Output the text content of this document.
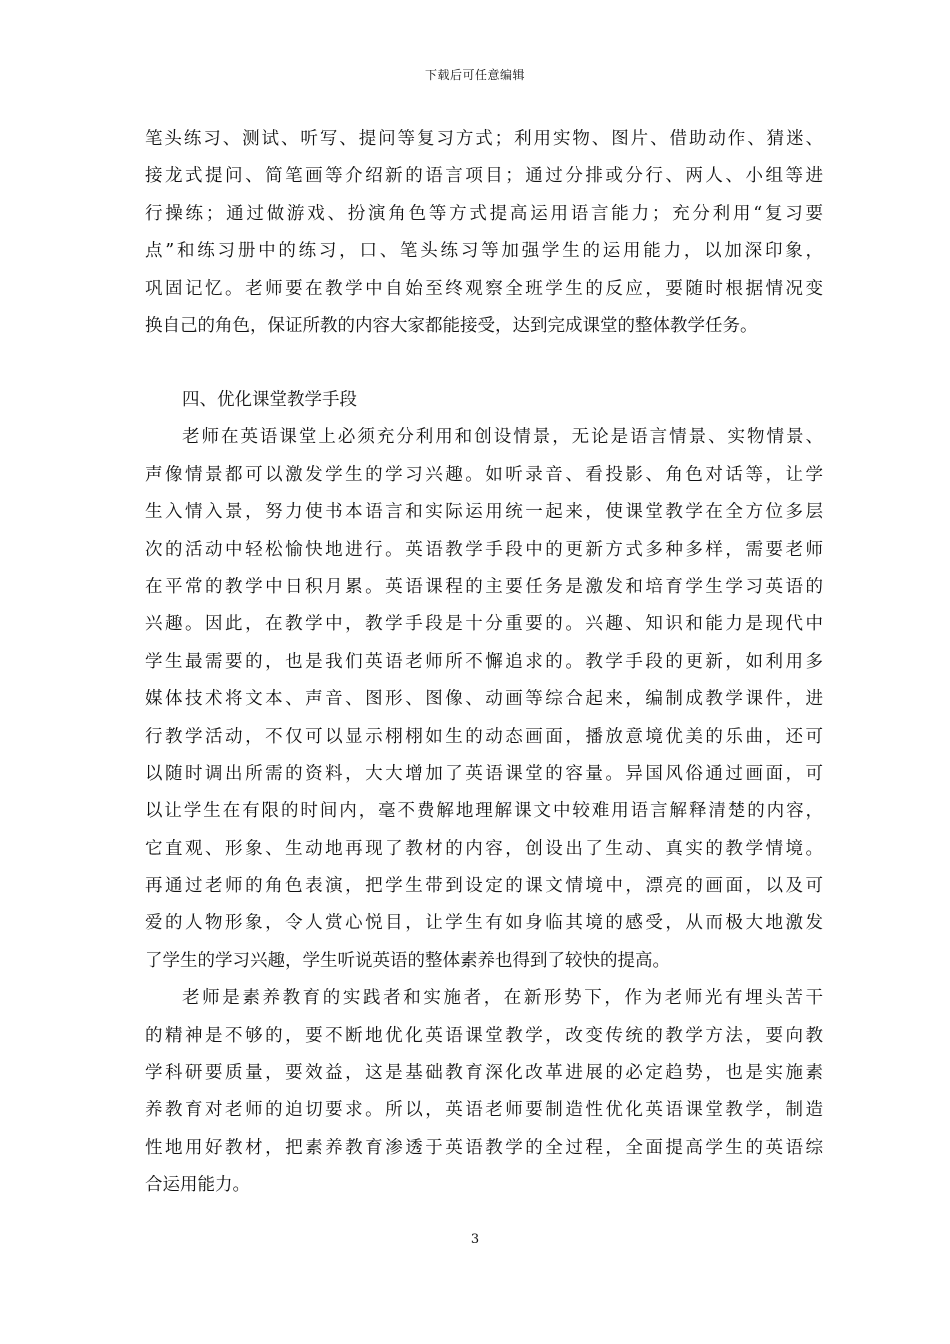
下载后可任意编辑
笔头练习、测试、听写、提问等复习方式；利用实物、图片、借助动作、猜迷、
接龙式提问、简笔画等介绍新的语言项目；通过分排或分行、两人、小组等进
行操练；通过做游戏、扮演角色等方式提高运用语言能力；充分利用“复习要
点”和练习册中的练习，口、笔头练习等加强学生的运用能力，以加深印象，
巩固记忆。老师要在教学中自始至终观察全班学生的反应，要随时根据情况变
换自己的角色，保证所教的内容大家都能接受，达到完成课堂的整体教学任务。
四、优化课堂教学手段
老师在英语课堂上必须充分利用和创设情景，无论是语言情景、实物情景、
声像情景都可以激发学生的学习兴趣。如听录音、看投影、角色对话等，让学
生入情入景，努力使书本语言和实际运用统一起来，使课堂教学在全方位多层
次的活动中轻松愉快地进行。英语教学手段中的更新方式多种多样，需要老师
在平常的教学中日积月累。英语课程的主要任务是激发和培育学生学习英语的
兴趣。因此，在教学中，教学手段是十分重要的。兴趣、知识和能力是现代中
学生最需要的，也是我们英语老师所不懈追求的。教学手段的更新，如利用多
媒体技术将文本、声音、图形、图像、动画等综合起来，编制成教学课件，进
行教学活动，不仅可以显示栩栩如生的动态画面，播放意境优美的乐曲，还可
以随时调出所需的资料，大大增加了英语课堂的容量。异国风俗通过画面，可
以让学生在有限的时间内，毫不费解地理解课文中较难用语言解释清楚的内容，
它直观、形象、生动地再现了教材的内容，创设出了生动、真实的教学情境。
再通过老师的角色表演，把学生带到设定的课文情境中，漂亮的画面，以及可
爱的人物形象，令人赏心悦目，让学生有如身临其境的感受，从而极大地激发
了学生的学习兴趣，学生听说英语的整体素养也得到了较快的提高。
老师是素养教育的实践者和实施者，在新形势下，作为老师光有埋头苦干
的精神是不够的，要不断地优化英语课堂教学，改变传统的教学方法，要向教
学科研要质量，要效益，这是基础教育深化改革进展的必定趋势，也是实施素
养教育对老师的迫切要求。所以，英语老师要制造性优化英语课堂教学，制造
性地用好教材，把素养教育渗透于英语教学的全过程，全面提高学生的英语综
合运用能力。
3
